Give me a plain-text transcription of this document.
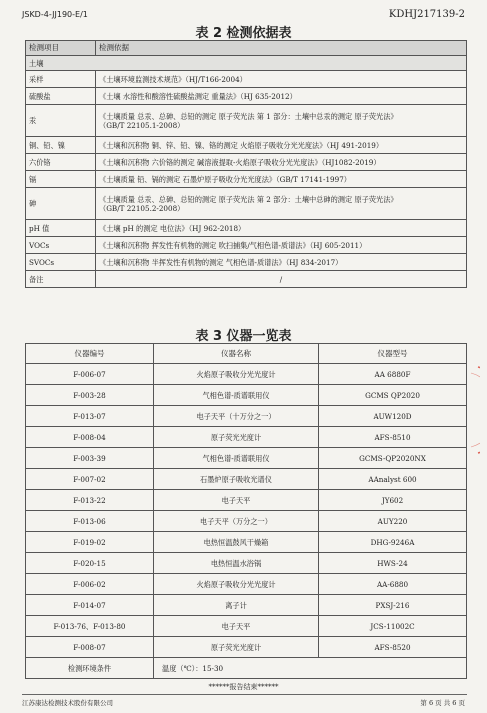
JSKD-4-JJ190-E/1	KDHJ217139-2
表 2 检测依据表
检测项目	检测依据
土壤	
采样	《土壤环境监测技术规范》（HJ/T166-2004）
硫酸盐	《土壤 水溶性和酸溶性硫酸盐测定 重量法》（HJ 635-2012）
汞	《土壤质量 总汞、总砷、总铅的测定 原子荧光法 第 1 部分：土壤中总汞的测定 原子荧光法》
（GB/T 22105.1-2008）

铜、铅、镍	《土壤和沉积物 铜、锌、铅、镍、铬的测定 火焰原子吸收分光光度法》（HJ 491-2019）
六价铬	《土壤和沉积物 六价铬的测定 碱溶液提取-火焰原子吸收分光光度法》（HJ1082-2019）
镉	《土壤质量 铅、镉的测定 石墨炉原子吸收分光光度法》（GB/T 17141-1997）
砷	《土壤质量 总汞、总砷、总铅的测定 原子荧光法 第 2 部分：土壤中总砷的测定 原子荧光法》
（GB/T 22105.2-2008）

pH 值	《土壤 pH 的测定 电位法》（HJ 962-2018）
VOCs	《土壤和沉积物 挥发性有机物的测定 吹扫捕集/气相色谱-质谱法》（HJ 605-2011）
SVOCs	《土壤和沉积物 半挥发性有机物的测定 气相色谱-质谱法》（HJ 834-2017）
备注	/
表 3 仪器一览表
仪器编号	仪器名称	仪器型号
F-006-07	火焰原子吸收分光光度计	AA 6880F
F-003-28	气相色谱-质谱联用仪	GCMS QP2020
F-013-07	电子天平（十万分之一）	AUW120D
F-008-04	原子荧光光度计	AFS-8510
F-003-39	气相色谱-质谱联用仪	GCMS-QP2020NX
F-007-02	石墨炉原子吸收光谱仪	AAnalyst 600
F-013-22	电子天平	JY602
F-013-06	电子天平（万分之一）	AUY220
F-019-02	电热恒温鼓风干燥箱	DHG-9246A
F-020-15	电热恒温水浴锅	HWS-24
F-006-02	火焰原子吸收分光光度计	AA-6880
F-014-07	离子计	PXSJ-216
F-013-76、F-013-80	电子天平	JCS-11002C
F-008-07	原子荧光光度计	AFS-8520
检测环境条件	温度（℃）：15-30	
******报告结束******
江苏康达检测技术股份有限公司	第 6 页 共 6 页
